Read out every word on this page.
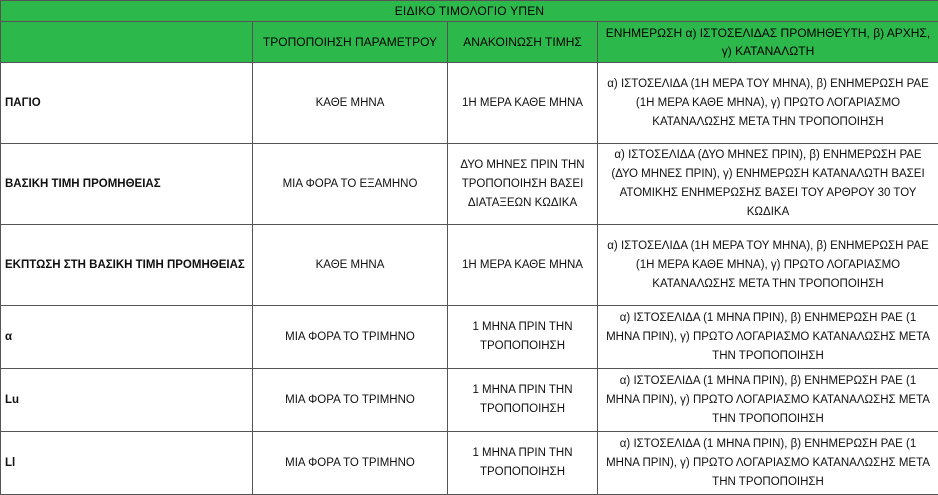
ΕΙΔΙΚΟ ΤΙΜΟΛΟΓΙΟ ΥΠΕΝ			
	ΤΡΟΠΟΠΟΙΗΣΗ ΠΑΡΑΜΕΤΡΟΥ	ΑΝΑΚΟΙΝΩΣΗ ΤΙΜΗΣ	ΕΝΗΜΕΡΩΣΗ α) ΙΣΤΟΣΕΛΙΔΑΣ ΠΡΟΜΗΘΕΥΤΗ, β) ΑΡΧΗΣ, γ) ΚΑΤΑΝΑΛΩΤΗ
ΠΑΓΙΟ	ΚΑΘΕ ΜΗΝΑ	1Η ΜΕΡΑ ΚΑΘΕ ΜΗΝΑ	α) ΙΣΤΟΣΕΛΙΔΑ (1Η ΜΕΡΑ ΤΟΥ ΜΗΝΑ), β) ΕΝΗΜΕΡΩΣΗ ΡΑΕ (1Η ΜΕΡΑ ΚΑΘΕ ΜΗΝΑ), γ) ΠΡΩΤΟ ΛΟΓΑΡΙΑΣΜΟ ΚΑΤΑΝΑΛΩΣΗΣ ΜΕΤΑ ΤΗΝ ΤΡΟΠΟΠΟΙΗΣΗ
ΒΑΣΙΚΗ ΤΙΜΗ ΠΡΟΜΗΘΕΙΑΣ	ΜΙΑ ΦΟΡΑ ΤΟ ΕΞΑΜΗΝΟ	ΔΥΟ ΜΗΝΕΣ ΠΡΙΝ ΤΗΝ ΤΡΟΠΟΠΟΙΗΣΗ ΒΑΣΕΙ ΔΙΑΤΑΞΕΩΝ ΚΩΔΙΚΑ	α) ΙΣΤΟΣΕΛΙΔΑ (ΔΥΟ ΜΗΝΕΣ ΠΡΙΝ), β) ΕΝΗΜΕΡΩΣΗ ΡΑΕ (ΔΥΟ ΜΗΝΕΣ ΠΡΙΝ), γ) ΕΝΗΜΕΡΩΣΗ ΚΑΤΑΝΑΛΩΤΗ ΒΑΣΕΙ ΑΤΟΜΙΚΗΣ ΕΝΗΜΕΡΩΣΗΣ ΒΑΣΕΙ ΤΟΥ ΑΡΘΡΟΥ 30 ΤΟΥ ΚΩΔΙΚΑ
ΕΚΠΤΩΣΗ ΣΤΗ ΒΑΣΙΚΗ ΤΙΜΗ ΠΡΟΜΗΘΕΙΑΣ	ΚΑΘΕ ΜΗΝΑ	1Η ΜΕΡΑ ΚΑΘΕ ΜΗΝΑ	α) ΙΣΤΟΣΕΛΙΔΑ (1Η ΜΕΡΑ ΤΟΥ ΜΗΝΑ), β) ΕΝΗΜΕΡΩΣΗ ΡΑΕ (1Η ΜΕΡΑ ΚΑΘΕ ΜΗΝΑ), γ) ΠΡΩΤΟ ΛΟΓΑΡΙΑΣΜΟ ΚΑΤΑΝΑΛΩΣΗΣ ΜΕΤΑ ΤΗΝ ΤΡΟΠΟΠΟΙΗΣΗ
α	ΜΙΑ ΦΟΡΑ ΤΟ ΤΡΙΜΗΝΟ	1 ΜΗΝΑ ΠΡΙΝ ΤΗΝ ΤΡΟΠΟΠΟΙΗΣΗ	α) ΙΣΤΟΣΕΛΙΔΑ (1 ΜΗΝΑ ΠΡΙΝ), β) ΕΝΗΜΕΡΩΣΗ ΡΑΕ (1 ΜΗΝΑ ΠΡΙΝ), γ) ΠΡΩΤΟ ΛΟΓΑΡΙΑΣΜΟ ΚΑΤΑΝΑΛΩΣΗΣ ΜΕΤΑ ΤΗΝ ΤΡΟΠΟΠΟΙΗΣΗ
Lu	ΜΙΑ ΦΟΡΑ ΤΟ ΤΡΙΜΗΝΟ	1 ΜΗΝΑ ΠΡΙΝ ΤΗΝ ΤΡΟΠΟΠΟΙΗΣΗ	α) ΙΣΤΟΣΕΛΙΔΑ (1 ΜΗΝΑ ΠΡΙΝ), β) ΕΝΗΜΕΡΩΣΗ ΡΑΕ (1 ΜΗΝΑ ΠΡΙΝ), γ) ΠΡΩΤΟ ΛΟΓΑΡΙΑΣΜΟ ΚΑΤΑΝΑΛΩΣΗΣ ΜΕΤΑ ΤΗΝ ΤΡΟΠΟΠΟΙΗΣΗ
Ll	ΜΙΑ ΦΟΡΑ ΤΟ ΤΡΙΜΗΝΟ	1 ΜΗΝΑ ΠΡΙΝ ΤΗΝ ΤΡΟΠΟΠΟΙΗΣΗ	α) ΙΣΤΟΣΕΛΙΔΑ (1 ΜΗΝΑ ΠΡΙΝ), β) ΕΝΗΜΕΡΩΣΗ ΡΑΕ (1 ΜΗΝΑ ΠΡΙΝ), γ) ΠΡΩΤΟ ΛΟΓΑΡΙΑΣΜΟ ΚΑΤΑΝΑΛΩΣΗΣ ΜΕΤΑ ΤΗΝ ΤΡΟΠΟΠΟΙΗΣΗ
